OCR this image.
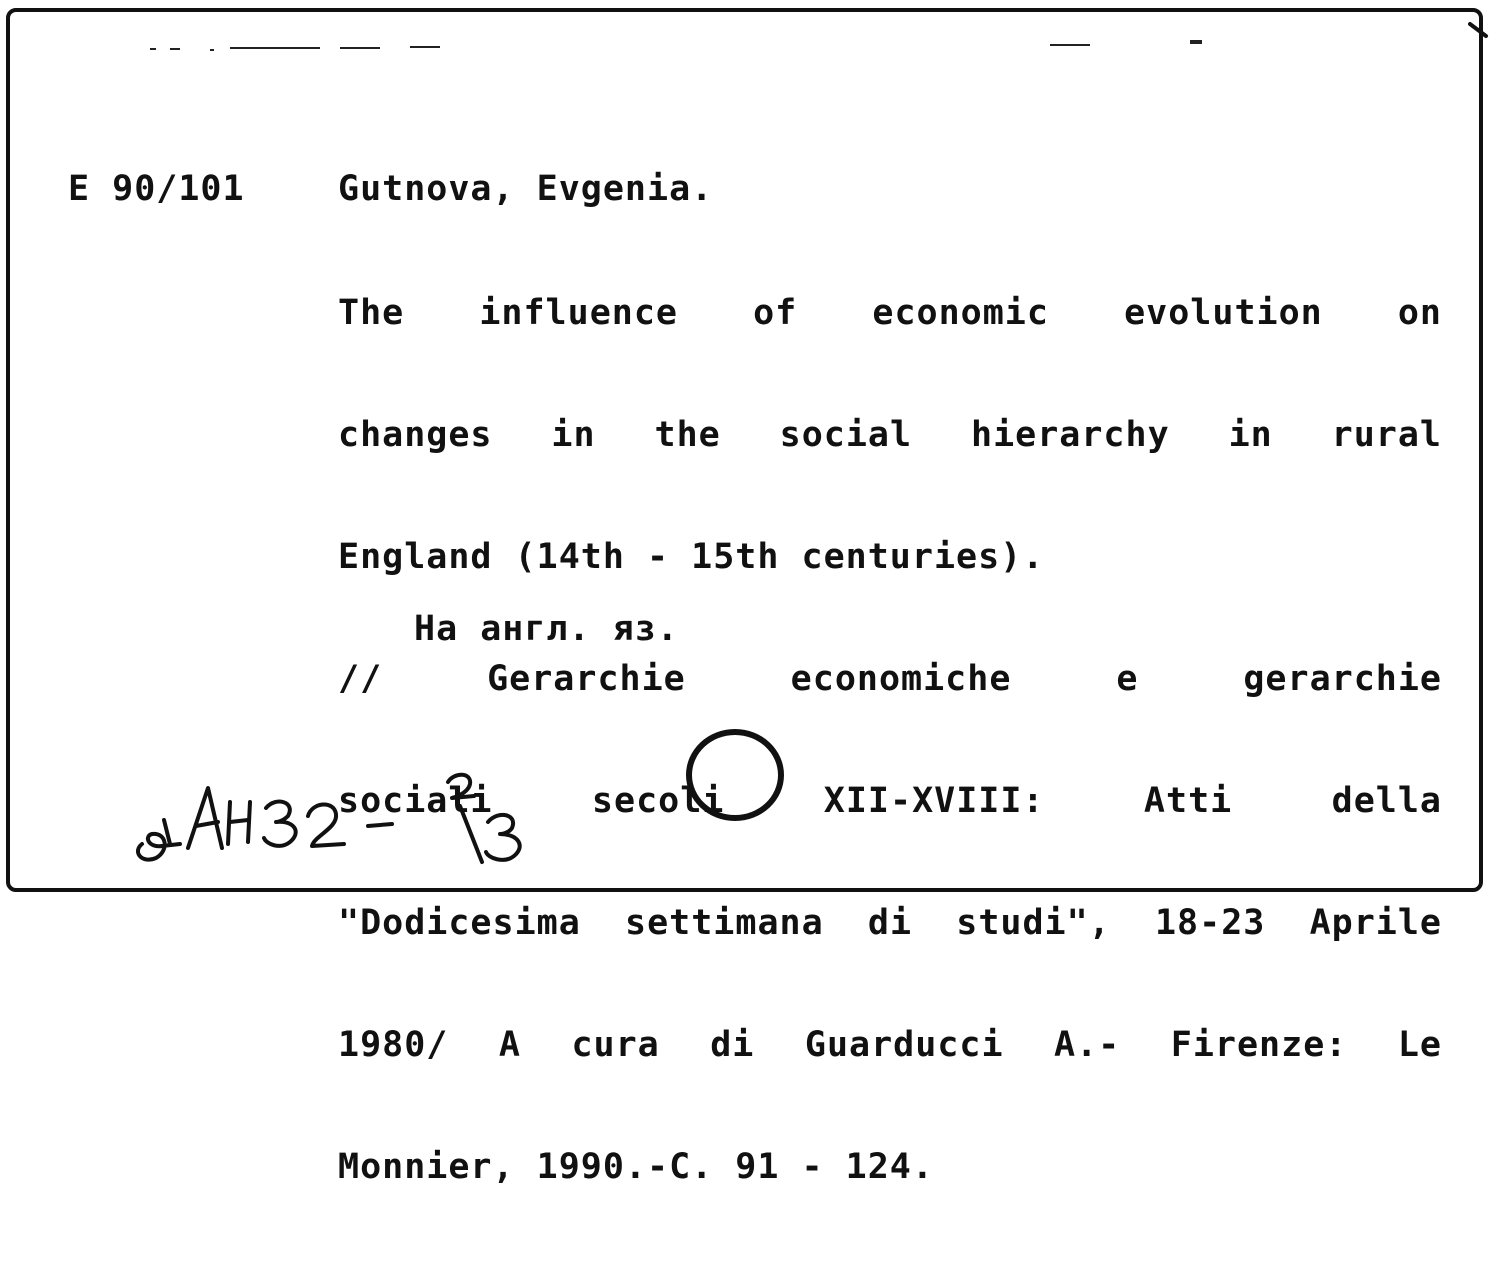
Е 90/101	Gutnova, Evgenia.

The influence of economic evolution on

changes in the social hierarchy in rural

England (14th - 15th centuries).

// Gerarchie economiche e gerarchie

sociali secoli XII-XVIII: Atti della

"Dodicesima settimana di studi", 18-23 Aprile

1980/ A cura di Guarducci A.- Firenze: Le

Monnier, 1990.-C. 91 - 124.

На англ. яз.
